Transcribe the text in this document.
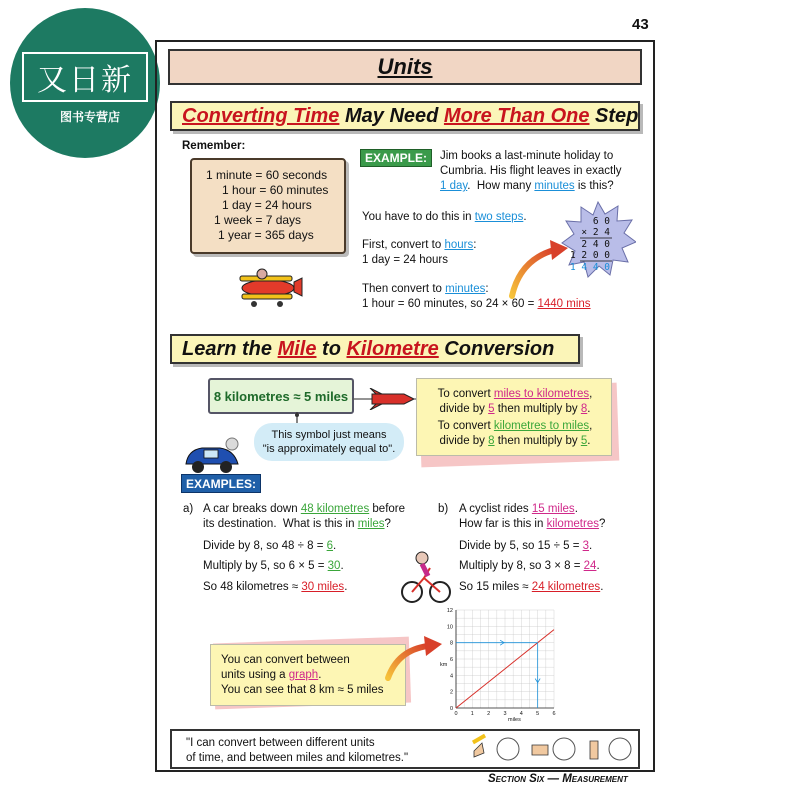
又日新
图书专营店
43
Units
Converting Time May Need More Than One Step
Remember:
1 minute = 60 seconds
1 hour = 60 minutes
1 day = 24 hours
1 week = 7 days
1 year = 365 days
EXAMPLE:	Jim books a last-minute holiday to
Cumbria. His flight leaves in exactly
1 day.  How many minutes is this?
You have to do this in two steps.
First, convert to hours:
1 day = 24 hours
Then convert to minutes:
1 hour = 60 minutes, so 24 × 60 = 1440 mins
6 0
× 2 4
2 4 0
1 2 0 0
1 4 4 0
Learn the Mile to Kilometre Conversion
8 kilometres ≈ 5 miles
This symbol just means
"is approximately equal to".
To convert miles to kilometres,
divide by 5 then multiply by 8.
To convert kilometres to miles,
divide by 8 then multiply by 5.
EXAMPLES:
a) A car breaks down 48 kilometres before
its destination.  What is this in miles?
Divide by 8, so 48 ÷ 8 = 6.
Multiply by 5, so 6 × 5 = 30.
So 48 kilometres ≈ 30 miles.
b) A cyclist rides 15 miles.
How far is this in kilometres?
Divide by 5, so 15 ÷ 5 = 3.
Multiply by 8, so 3 × 8 = 24.
So 15 miles ≈ 24 kilometres.
You can convert between
units using a graph.
You can see that 8 km ≈ 5 miles
0 1 2 3 4 5 6
0
2
4
6
8
10
12
km
miles
"I can convert between different units
of time, and between miles and kilometres."
Section Six — Measurement
